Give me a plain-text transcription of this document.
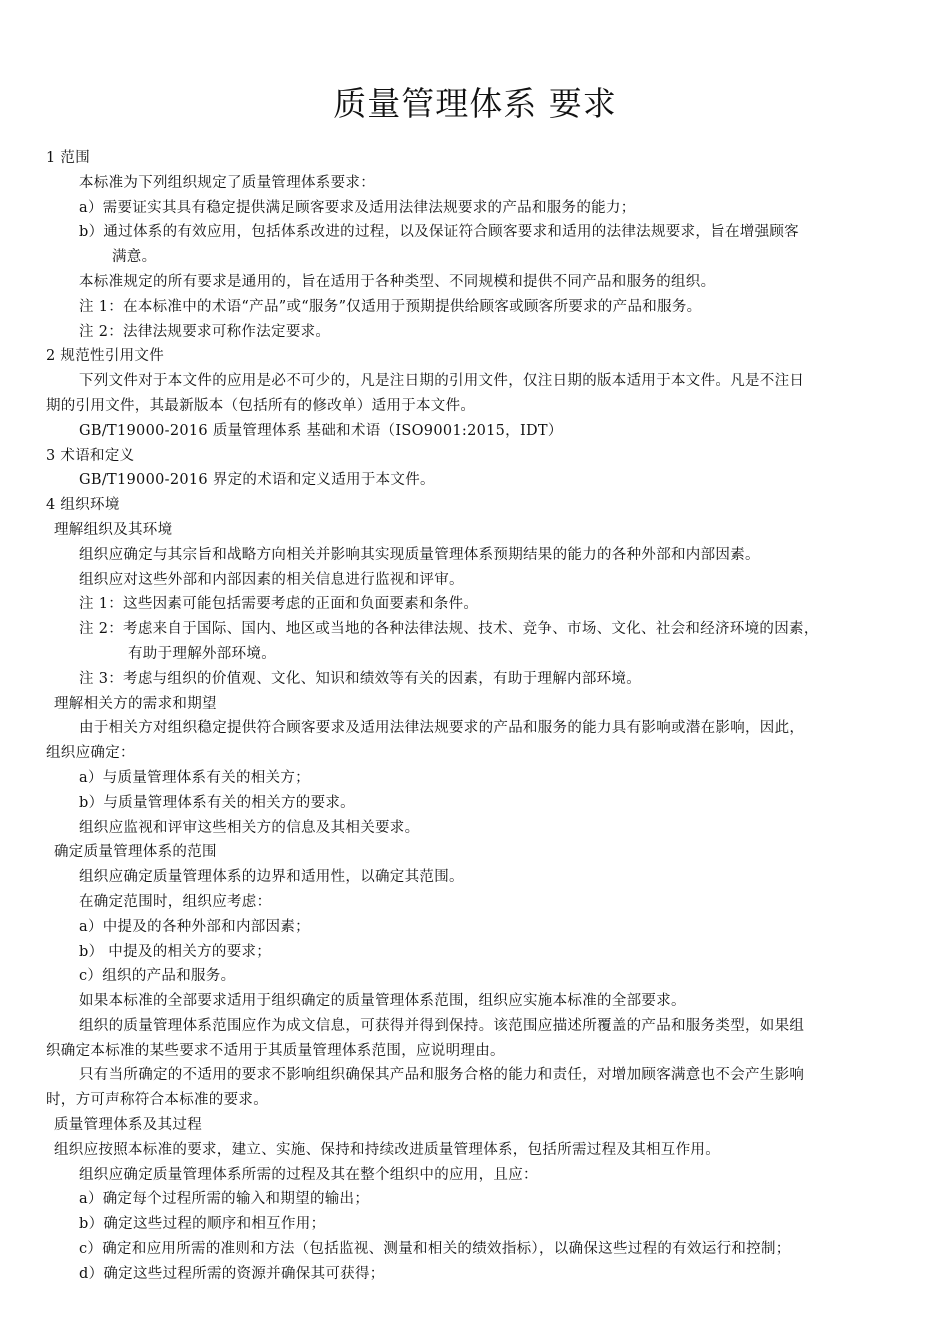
质量管理体系 要求
1 范围
本标准为下列组织规定了质量管理体系要求：
a）需要证实其具有稳定提供满足顾客要求及适用法律法规要求的产品和服务的能力；
b）通过体系的有效应用，包括体系改进的过程，以及保证符合顾客要求和适用的法律法规要求，旨在增强顾客
满意。
本标准规定的所有要求是通用的，旨在适用于各种类型、不同规模和提供不同产品和服务的组织。
注 1：在本标准中的术语“产品”或“服务”仅适用于预期提供给顾客或顾客所要求的产品和服务。
注 2：法律法规要求可称作法定要求。
2 规范性引用文件
下列文件对于本文件的应用是必不可少的，凡是注日期的引用文件，仅注日期的版本适用于本文件。凡是不注日
期的引用文件，其最新版本（包括所有的修改单）适用于本文件。
GB/T19000-2016 质量管理体系 基础和术语（ISO9001:2015，IDT）
3 术语和定义
GB/T19000-2016 界定的术语和定义适用于本文件。
4 组织环境
理解组织及其环境
组织应确定与其宗旨和战略方向相关并影响其实现质量管理体系预期结果的能力的各种外部和内部因素。
组织应对这些外部和内部因素的相关信息进行监视和评审。
注 1：这些因素可能包括需要考虑的正面和负面要素和条件。
注 2：考虑来自于国际、国内、地区或当地的各种法律法规、技术、竞争、市场、文化、社会和经济环境的因素，
有助于理解外部环境。
注 3：考虑与组织的价值观、文化、知识和绩效等有关的因素，有助于理解内部环境。
理解相关方的需求和期望
由于相关方对组织稳定提供符合顾客要求及适用法律法规要求的产品和服务的能力具有影响或潜在影响，因此，
组织应确定：
a）与质量管理体系有关的相关方；
b）与质量管理体系有关的相关方的要求。
组织应监视和评审这些相关方的信息及其相关要求。
确定质量管理体系的范围
组织应确定质量管理体系的边界和适用性，以确定其范围。
在确定范围时，组织应考虑：
a）中提及的各种外部和内部因素；
b） 中提及的相关方的要求；
c）组织的产品和服务。
如果本标准的全部要求适用于组织确定的质量管理体系范围，组织应实施本标准的全部要求。
组织的质量管理体系范围应作为成文信息，可获得并得到保持。该范围应描述所覆盖的产品和服务类型，如果组
织确定本标准的某些要求不适用于其质量管理体系范围，应说明理由。
只有当所确定的不适用的要求不影响组织确保其产品和服务合格的能力和责任，对增加顾客满意也不会产生影响
时，方可声称符合本标准的要求。
质量管理体系及其过程
组织应按照本标准的要求，建立、实施、保持和持续改进质量管理体系，包括所需过程及其相互作用。
组织应确定质量管理体系所需的过程及其在整个组织中的应用，且应：
a）确定每个过程所需的输入和期望的输出；
b）确定这些过程的顺序和相互作用；
c）确定和应用所需的准则和方法（包括监视、测量和相关的绩效指标），以确保这些过程的有效运行和控制；
d）确定这些过程所需的资源并确保其可获得；
